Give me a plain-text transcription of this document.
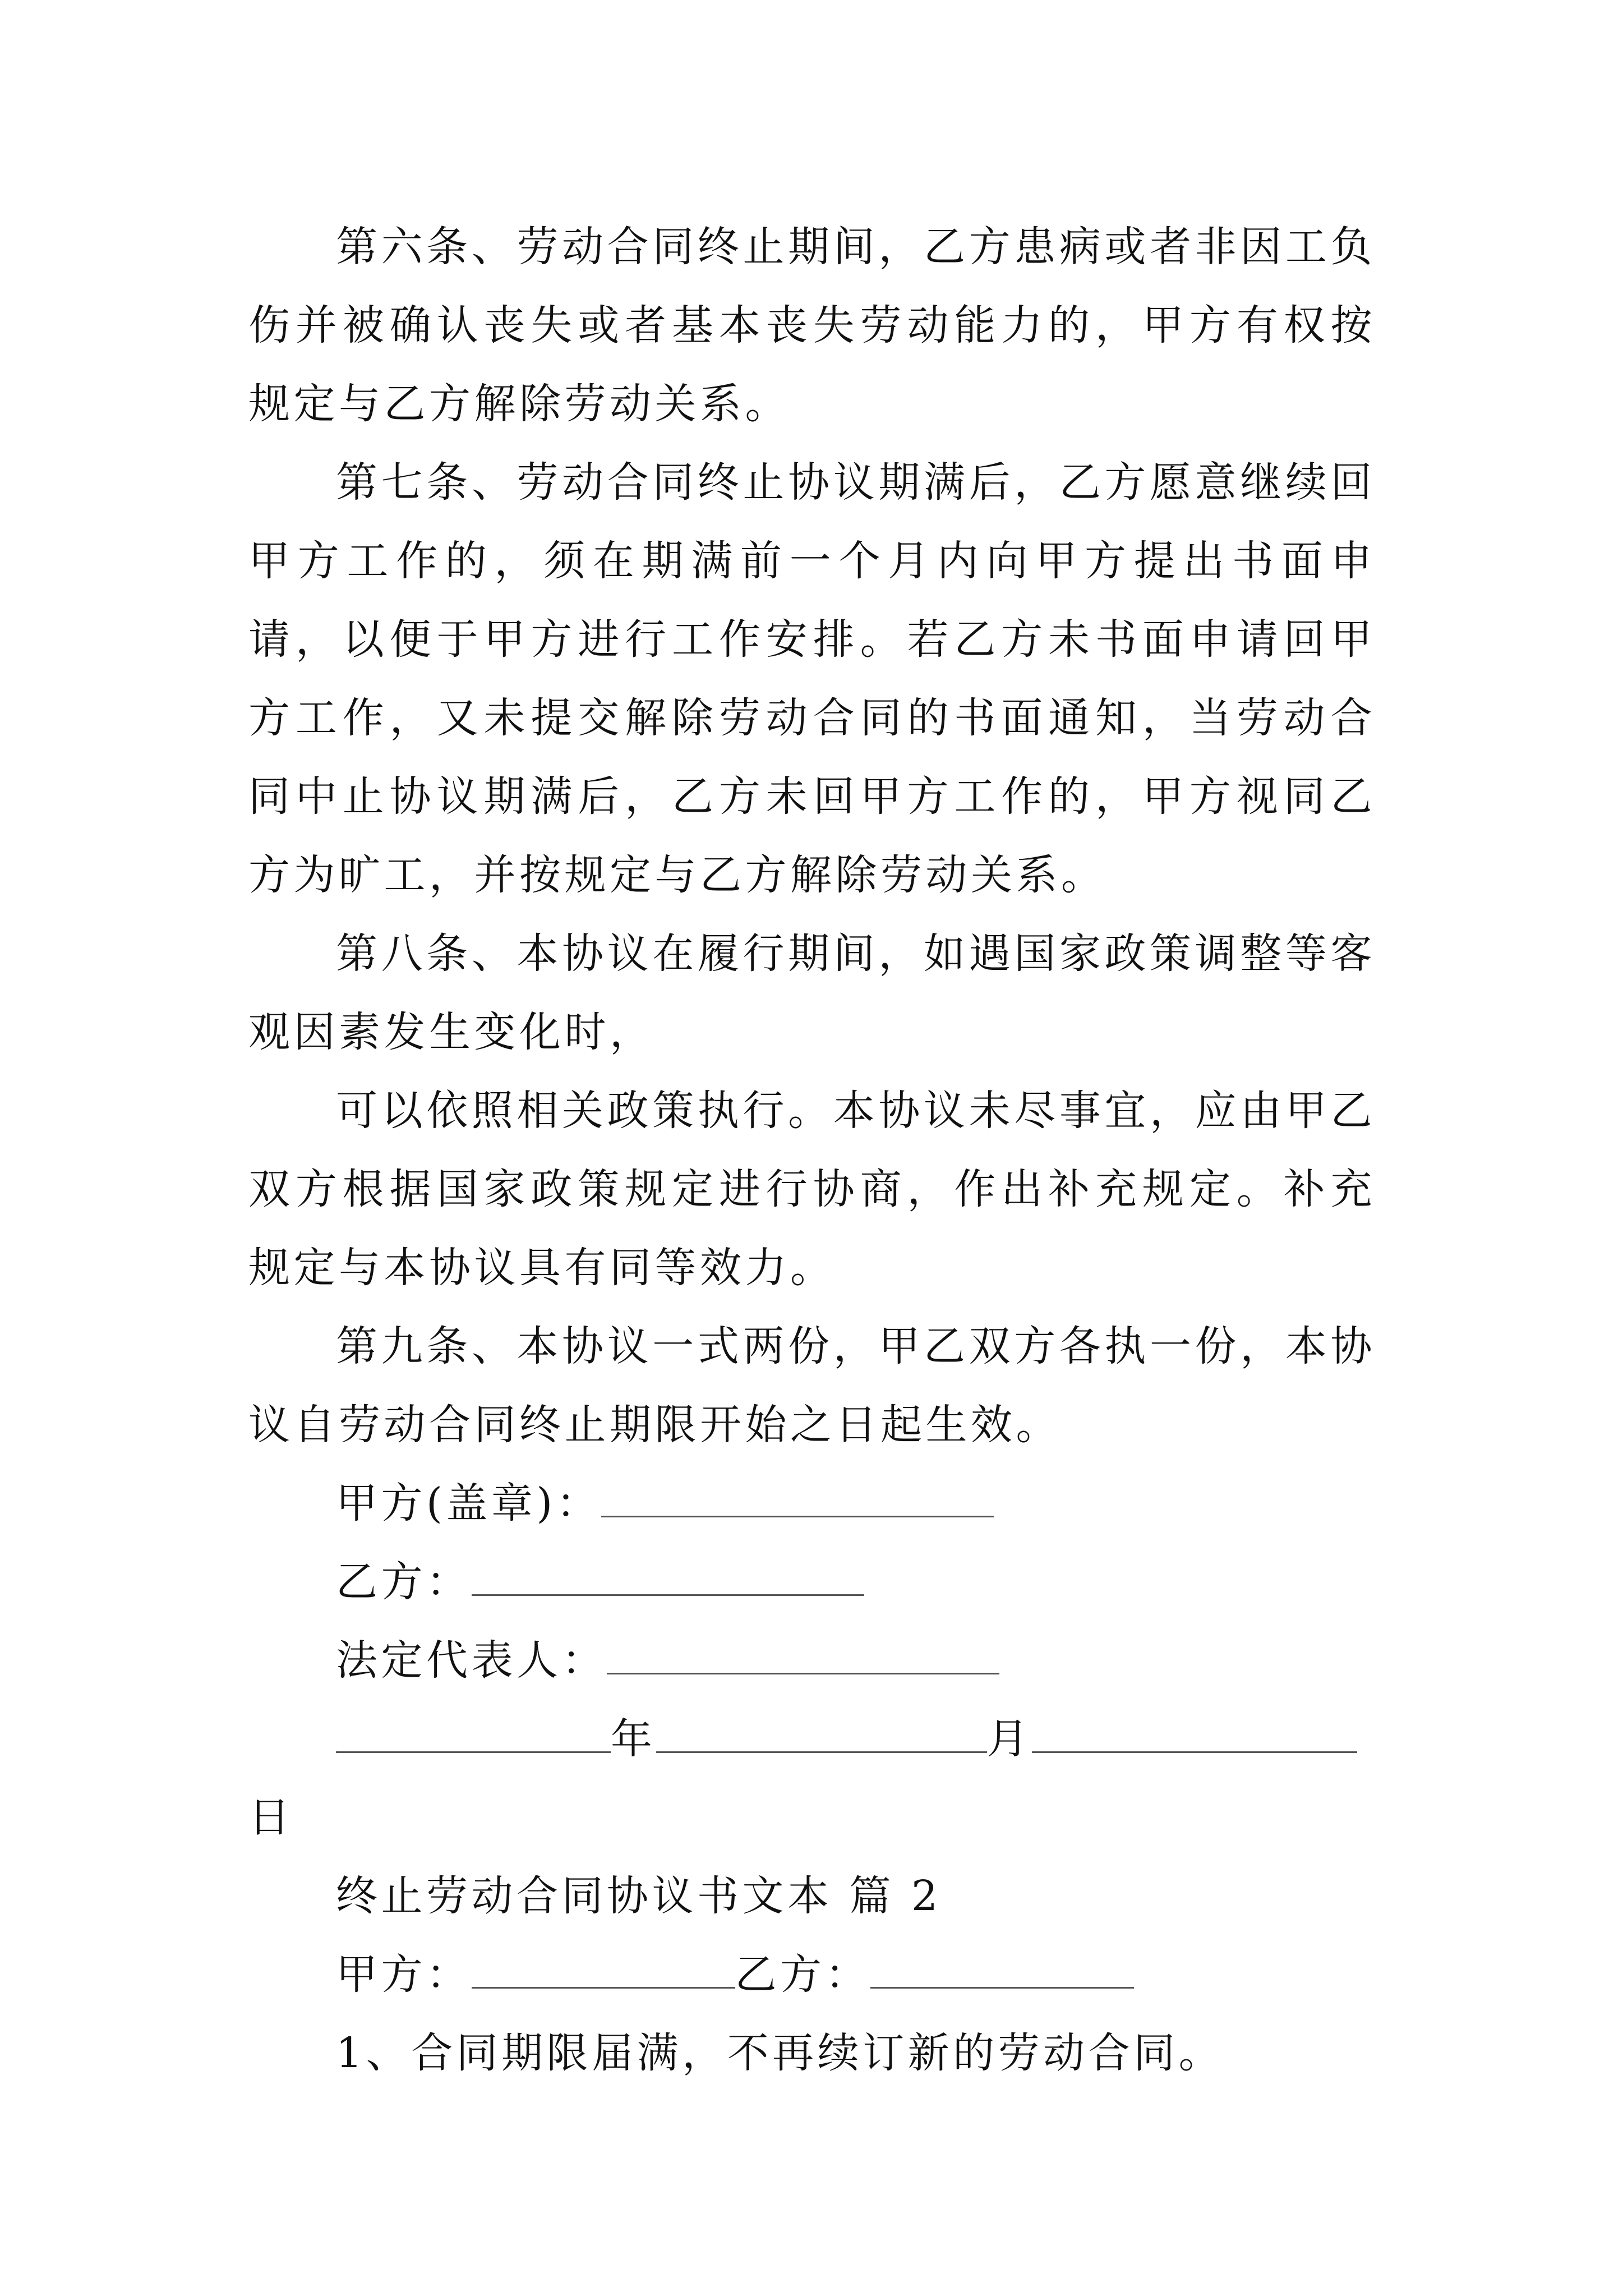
第六条、劳动合同终止期间，乙方患病或者非因工负伤并被确认丧失或者基本丧失劳动能力的，甲方有权按规定与乙方解除劳动关系。

第七条、劳动合同终止协议期满后，乙方愿意继续回甲方工作的，须在期满前一个月内向甲方提出书面申请，以便于甲方进行工作安排。若乙方未书面申请回甲方工作，又未提交解除劳动合同的书面通知，当劳动合同中止协议期满后，乙方未回甲方工作的，甲方视同乙方为旷工，并按规定与乙方解除劳动关系。

第八条、本协议在履行期间，如遇国家政策调整等客观因素发生变化时，

可以依照相关政策执行。本协议未尽事宜，应由甲乙双方根据国家政策规定进行协商，作出补充规定。补充规定与本协议具有同等效力。

第九条、本协议一式两份，甲乙双方各执一份，本协议自劳动合同终止期限开始之日起生效。

甲方(盖章)：
乙方：
法定代表人：
年	月
日
终止劳动合同协议书文本 篇 2
甲方：	乙方：
1、合同期限届满，不再续订新的劳动合同。
